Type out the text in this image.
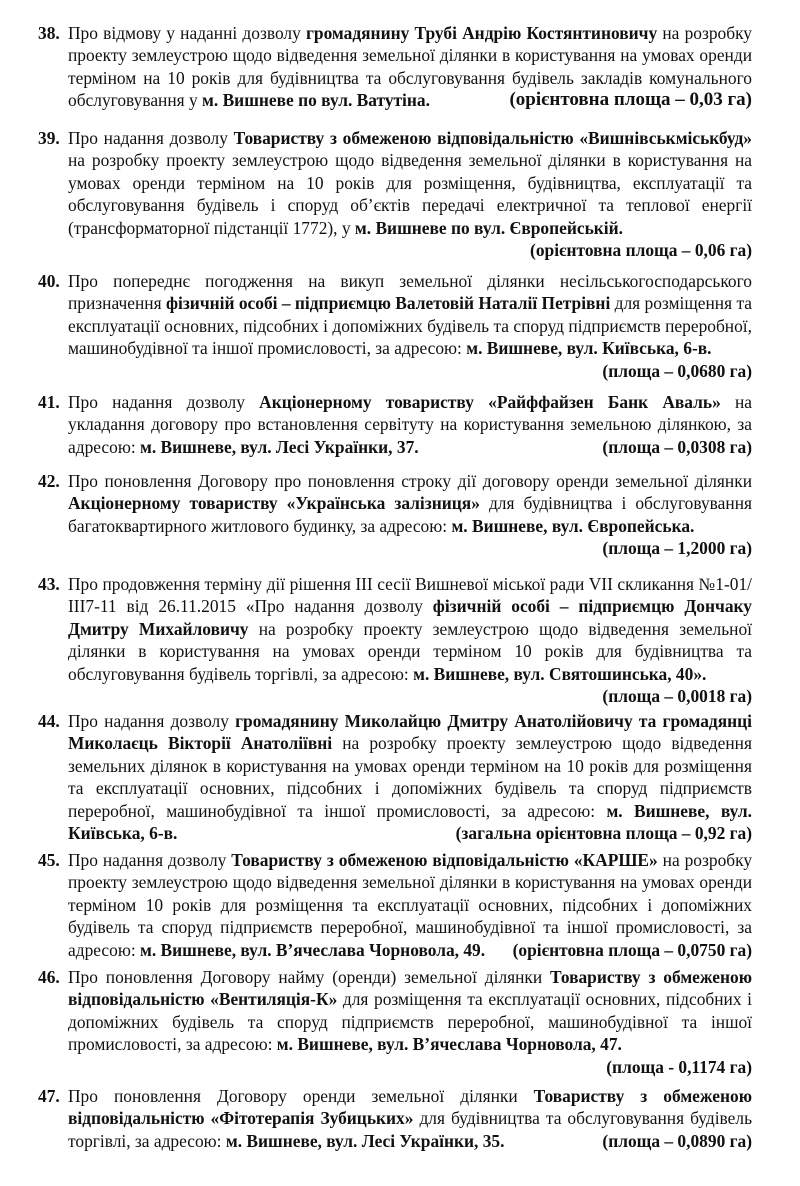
38. Про відмову у наданні дозволу громадянину Трубі Андрію Костянтиновичу на розробку проекту землеустрою щодо відведення земельної ділянки в користування на умовах оренди терміном на 10 років для будівництва та обслуговування будівель закладів комунального обслуговування у м. Вишневе по вул. Ватутіна.	(орієнтовна площа – 0,03 га)
39. Про надання дозволу Товариству з обмеженою відповідальністю «Вишнівськміськбуд» на розробку проекту землеустрою щодо відведення земельної ділянки в користування на умовах оренди терміном на 10 років для розміщення, будівництва, експлуатації та обслуговування будівель і споруд об’єктів передачі електричної та теплової енергії (трансформаторної підстанції 1772), у м. Вишневе по вул. Європейській.
(орієнтовна площа – 0,06 га)
40. Про попереднє погодження на викуп земельної ділянки несільськогосподарського призначення фізичній особі – підприємцю Валетовій Наталії Петрівні для розміщення та експлуатації основних, підсобних і допоміжних будівель та споруд підприємств переробної, машинобудівної та іншої промисловості, за адресою: м. Вишневе, вул. Київська, 6-в.
(площа – 0,0680 га)
41. Про надання дозволу Акціонерному товариству «Райффайзен Банк Аваль» на укладання договору про встановлення сервітуту на користування земельною ділянкою, за адресою: м. Вишневе, вул. Лесі Українки, 37.	(площа – 0,0308 га)
42. Про поновлення Договору про поновлення строку дії договору оренди земельної ділянки Акціонерному товариству «Українська залізниця» для будівництва і обслуговування багатоквартирного житлового будинку, за адресою: м. Вишневе, вул. Європейська.
(площа – 1,2000 га)
43. Про продовження терміну дії рішення ІІІ сесії Вишневої міської ради VII скликання №1-01/ІІІ7-11 від 26.11.2015 «Про надання дозволу фізичній особі – підприємцю Дончаку Дмитру Михайловичу на розробку проекту землеустрою щодо відведення земельної ділянки в користування на умовах оренди терміном 10 років для будівництва та обслуговування будівель торгівлі, за адресою: м. Вишневе, вул. Святошинська, 40».
(площа – 0,0018 га)
44. Про надання дозволу громадянину Миколайцю Дмитру Анатолійовичу та громадянці Миколаєць Вікторії Анатоліївні на розробку проекту землеустрою щодо відведення земельних ділянок в користування на умовах оренди терміном на 10 років для розміщення та експлуатації основних, підсобних і допоміжних будівель та споруд підприємств переробної, машинобудівної та іншої промисловості, за адресою: м. Вишневе, вул. Київська, 6-в.	(загальна орієнтовна площа – 0,92 га)
45. Про надання дозволу Товариству з обмеженою відповідальністю «КАРШЕ» на розробку проекту землеустрою щодо відведення земельної ділянки в користування на умовах оренди терміном 10 років для розміщення та експлуатації основних, підсобних і допоміжних будівель та споруд підприємств переробної, машинобудівної та іншої промисловості, за адресою: м. Вишневе, вул. В’ячеслава Чорновола, 49. (орієнтовна площа – 0,0750 га)
46. Про поновлення Договору найму (оренди) земельної ділянки Товариству з обмеженою відповідальністю «Вентиляція-К» для розміщення та експлуатації основних, підсобних і допоміжних будівель та споруд підприємств переробної, машинобудівної та іншої промисловості, за адресою: м. Вишневе, вул. В’ячеслава Чорновола, 47.
(площа - 0,1174 га)
47. Про поновлення Договору оренди земельної ділянки Товариству з обмеженою відповідальністю «Фітотерапія Зубицьких» для будівництва та обслуговування будівель торгівлі, за адресою: м. Вишневе, вул. Лесі Українки, 35.	(площа – 0,0890 га)
